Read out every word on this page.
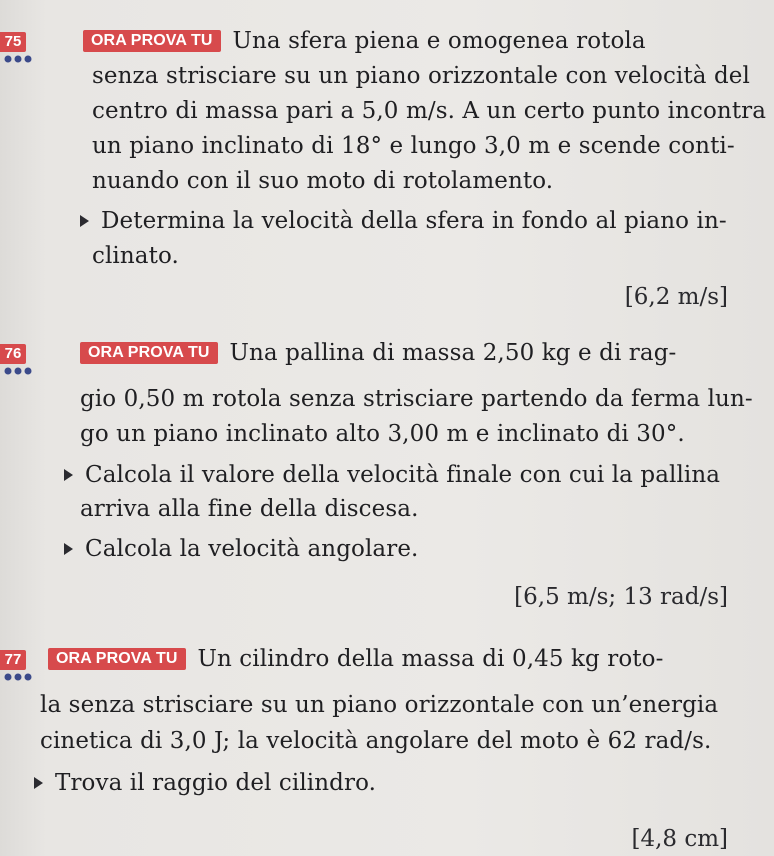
75	ORA PROVA TU Una sfera piena e omogenea rotola
senza strisciare su un piano orizzontale con velocità del
centro di massa pari a 5,0 m/s. A un certo punto incontra
un piano inclinato di 18° e lungo 3,0 m e scende conti-
nuando con il suo moto di rotolamento.
Determina la velocità della sfera in fondo al piano in-
clinato.
[6,2 m/s]
76	ORA PROVA TU Una pallina di massa 2,50 kg e di rag-
gio 0,50 m rotola senza strisciare partendo da ferma lun-
go un piano inclinato alto 3,00 m e inclinato di 30°.
Calcola il valore della velocità finale con cui la pallina
arriva alla fine della discesa.
Calcola la velocità angolare.
[6,5 m/s; 13 rad/s]
77	ORA PROVA TU Un cilindro della massa di 0,45 kg roto-
la senza strisciare su un piano orizzontale con un’energia
cinetica di 3,0 J; la velocità angolare del moto è 62 rad/s.
Trova il raggio del cilindro.
[4,8 cm]
